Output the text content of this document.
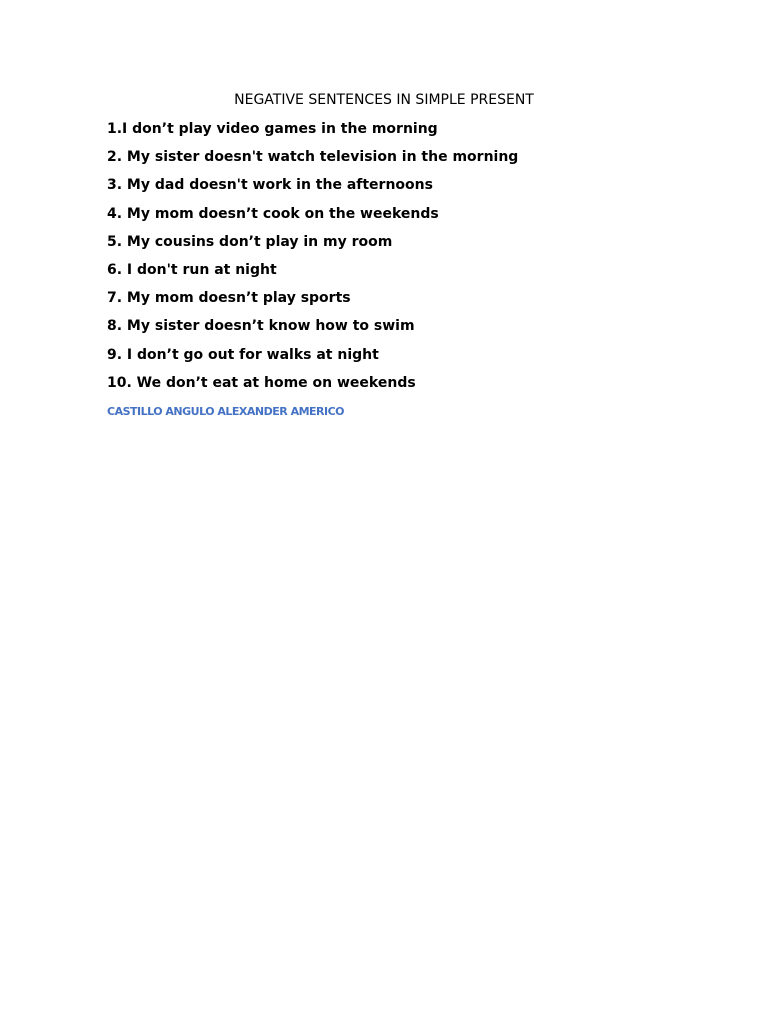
NEGATIVE SENTENCES IN SIMPLE PRESENT
1.I don’t play video games in the morning
2. My sister doesn't watch television in the morning
3. My dad doesn't work in the afternoons
4. My mom doesn’t cook on the weekends
5. My cousins don’t play in my room
6. I don't run at night
7. My mom doesn’t play sports
8. My sister doesn’t know how to swim
9. I don’t go out for walks at night
10. We don’t eat at home on weekends
CASTILLO ANGULO ALEXANDER AMERICO
